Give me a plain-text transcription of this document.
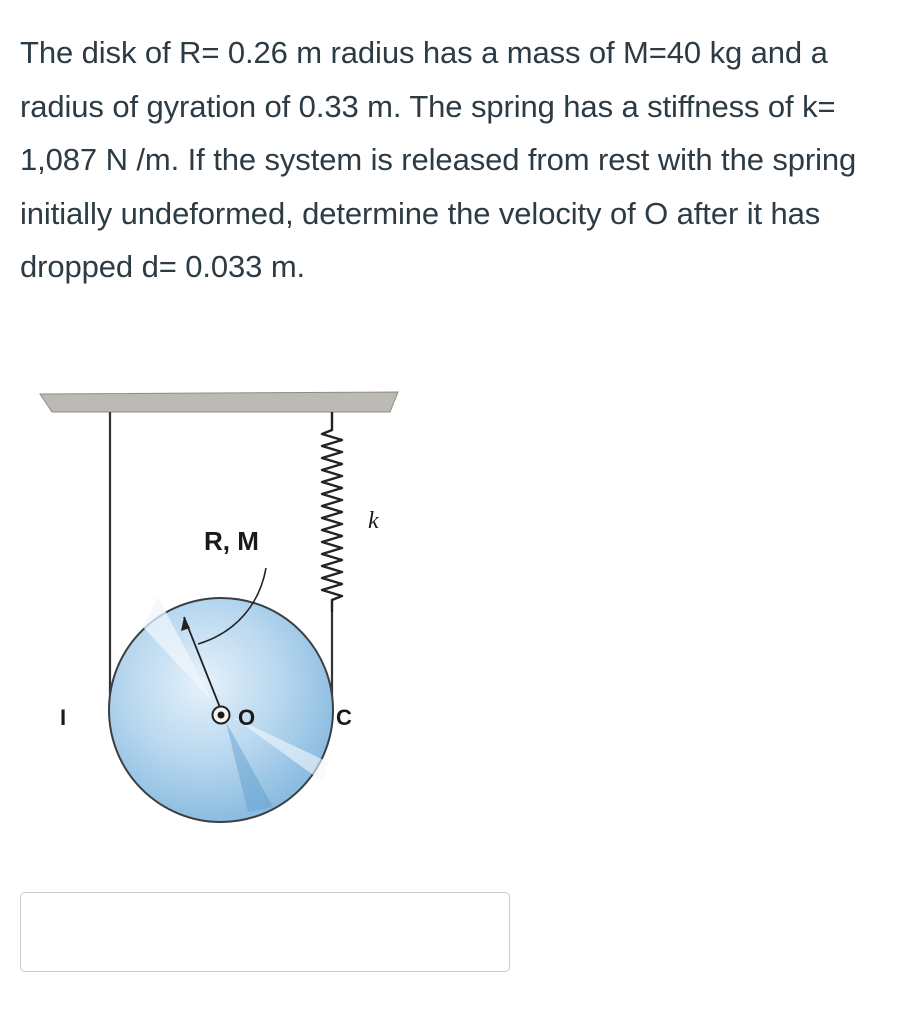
The disk of R= 0.26 m radius has a mass of M=40 kg and a radius of gyration of 0.33 m. The spring has a stiffness of k= 1,087 N /m. If the system is released from rest with the spring initially undeformed, determine the velocity of O after it has dropped d= 0.033 m.

R, M
k
O	C
I
